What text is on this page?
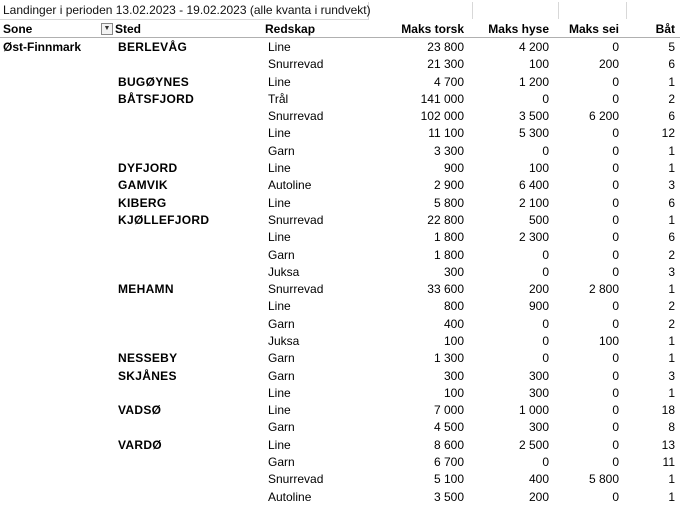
Landinger i perioden 13.02.2023 - 19.02.2023 (alle kvanta i rundvekt)
Sone ▼	Sted	Redskap	Maks torsk	Maks hyse	Maks sei	Båt
Øst-Finnmark	BERLEVÅG	Line	23 800	4 200	0	5
		Snurrevad	21 300	100	200	6
	BUGØYNES	Line	4 700	1 200	0	1
	BÅTSFJORD	Trål	141 000	0	0	2
		Snurrevad	102 000	3 500	6 200	6
		Line	11 100	5 300	0	12
		Garn	3 300	0	0	1
	DYFJORD	Line	900	100	0	1
	GAMVIK	Autoline	2 900	6 400	0	3
	KIBERG	Line	5 800	2 100	0	6
	KJØLLEFJORD	Snurrevad	22 800	500	0	1
		Line	1 800	2 300	0	6
		Garn	1 800	0	0	2
		Juksa	300	0	0	3
	MEHAMN	Snurrevad	33 600	200	2 800	1
		Line	800	900	0	2
		Garn	400	0	0	2
		Juksa	100	0	100	1
	NESSEBY	Garn	1 300	0	0	1
	SKJÅNES	Garn	300	300	0	3
		Line	100	300	0	1
	VADSØ	Line	7 000	1 000	0	18
		Garn	4 500	300	0	8
	VARDØ	Line	8 600	2 500	0	13
		Garn	6 700	0	0	11
		Snurrevad	5 100	400	5 800	1
		Autoline	3 500	200	0	1
